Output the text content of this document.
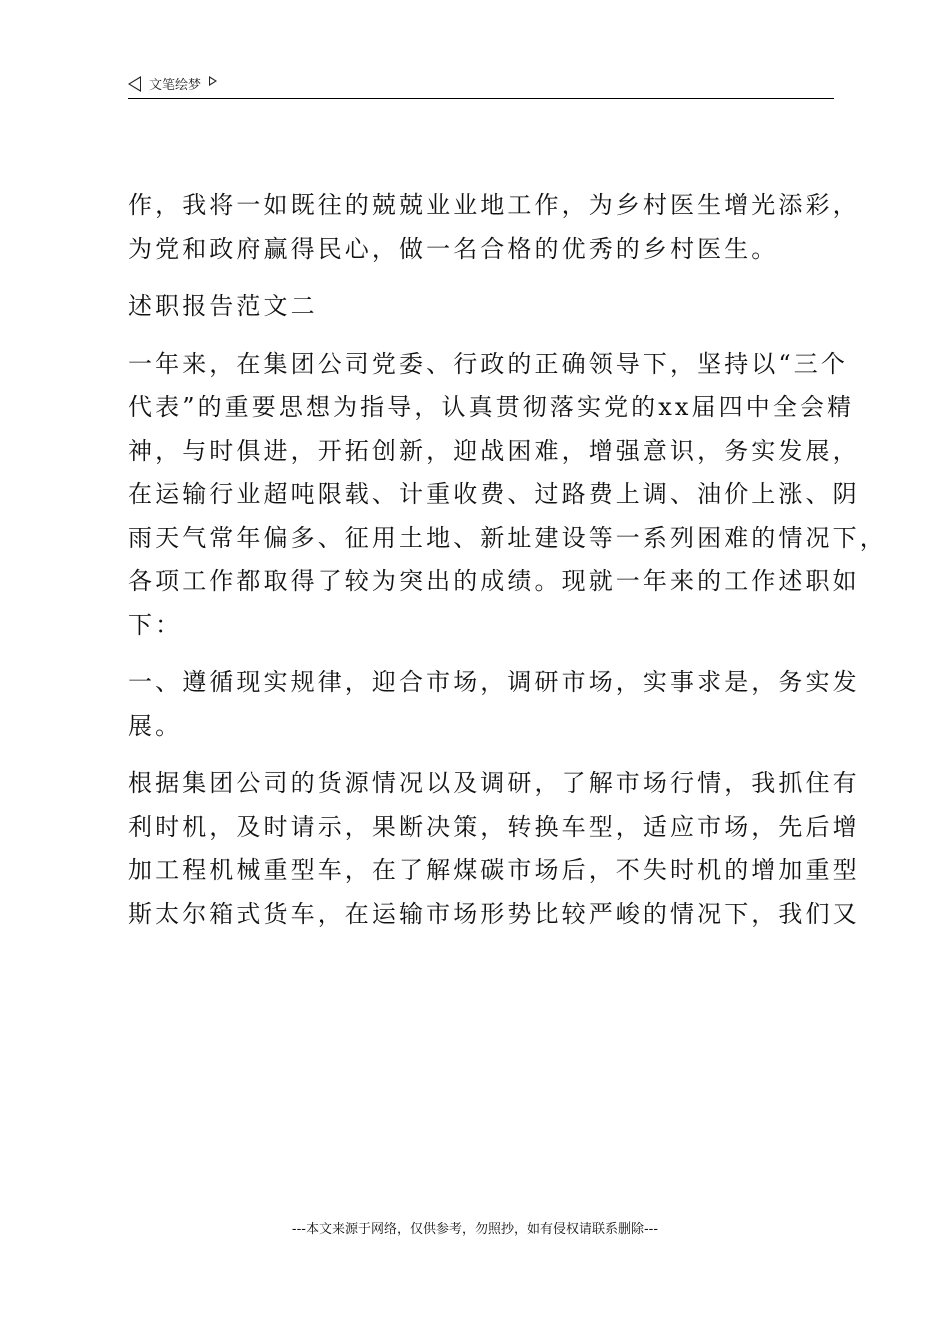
文笔绘梦

作，我将一如既往的兢兢业业地工作，为乡村医生增光添彩，
为党和政府赢得民心，做一名合格的优秀的乡村医生。

述职报告范文二

一年来，在集团公司党委、行政的正确领导下，坚持以“三个
代表”的重要思想为指导，认真贯彻落实党的xx届四中全会精
神，与时俱进，开拓创新，迎战困难，增强意识，务实发展，
在运输行业超吨限载、计重收费、过路费上调、油价上涨、阴
雨天气常年偏多、征用土地、新址建设等一系列困难的情况下，
各项工作都取得了较为突出的成绩。现就一年来的工作述职如
下：

一、遵循现实规律，迎合市场，调研市场，实事求是，务实发
展。

根据集团公司的货源情况以及调研，了解市场行情，我抓住有
利时机，及时请示，果断决策，转换车型，适应市场，先后增
加工程机械重型车，在了解煤碳市场后，不失时机的增加重型
斯太尔箱式货车，在运输市场形势比较严峻的情况下，我们又

---本文来源于网络，仅供参考，勿照抄，如有侵权请联系删除---
